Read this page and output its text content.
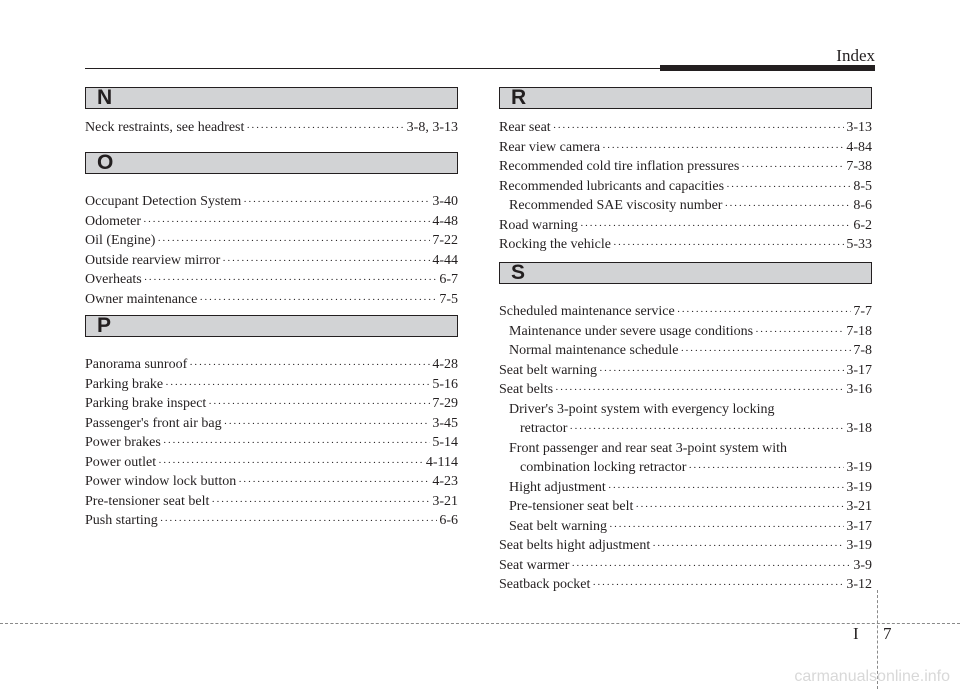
Index
N
Neck restraints, see headrest ·····	3-8, 3-13
O
Occupant Detection System ·····	3-40
Odometer ·····	4-48
Oil (Engine) ·····	7-22
Outside rearview mirror ·····	4-44
Overheats ·····	6-7
Owner maintenance ·····	7-5
P
Panorama sunroof ·····	4-28
Parking brake ·····	5-16
Parking brake inspect ·····	7-29
Passenger's front air bag ·····	3-45
Power brakes ·····	5-14
Power outlet ·····	4-114
Power window lock button ·····	4-23
Pre-tensioner seat belt ·····	3-21
Push starting ·····	6-6
R
Rear seat ·····	3-13
Rear view camera ·····	4-84
Recommended cold tire inflation pressures ·····	7-38
Recommended lubricants and capacities ·····	8-5
Recommended SAE viscosity number ·····	8-6
Road warning ·····	6-2
Rocking the vehicle ·····	5-33
S
Scheduled maintenance service ·····	7-7
Maintenance under severe usage conditions ·····	7-18
Normal maintenance schedule ·····	7-8
Seat belt warning ·····	3-17
Seat belts ·····	3-16
Driver's 3-point system with evergency locking
retractor ·····	3-18
Front passenger and rear seat 3-point system with
combination locking retractor ·····	3-19
Hight adjustment ·····	3-19
Pre-tensioner seat belt ·····	3-21
Seat belt warning ·····	3-17
Seat belts hight adjustment ·····	3-19
Seat warmer ·····	3-9
Seatback pocket ·····	3-12
I 7
carmanualsonline.info
